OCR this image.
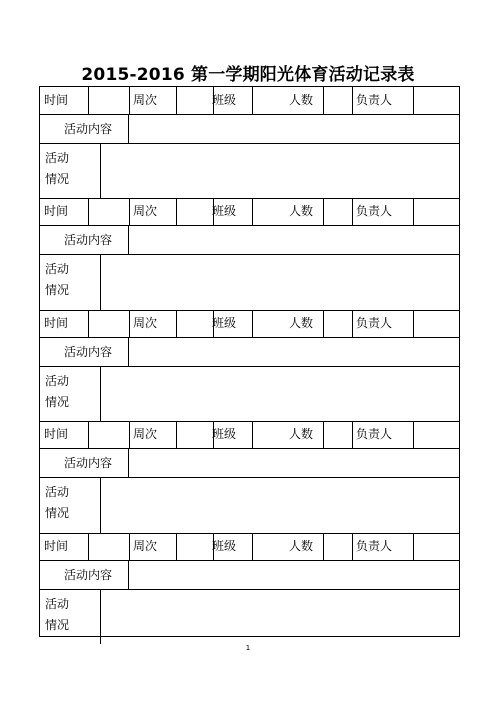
2015-2016 第一学期阳光体育活动记录表
时间	周次	班级	人数	负责人
活动内容
活动
情况
时间	周次	班级	人数	负责人
活动内容
活动
情况
时间	周次	班级	人数	负责人
活动内容
活动
情况
时间	周次	班级	人数	负责人
活动内容
活动
情况
时间	周次	班级	人数	负责人
活动内容
活动
情况
1
